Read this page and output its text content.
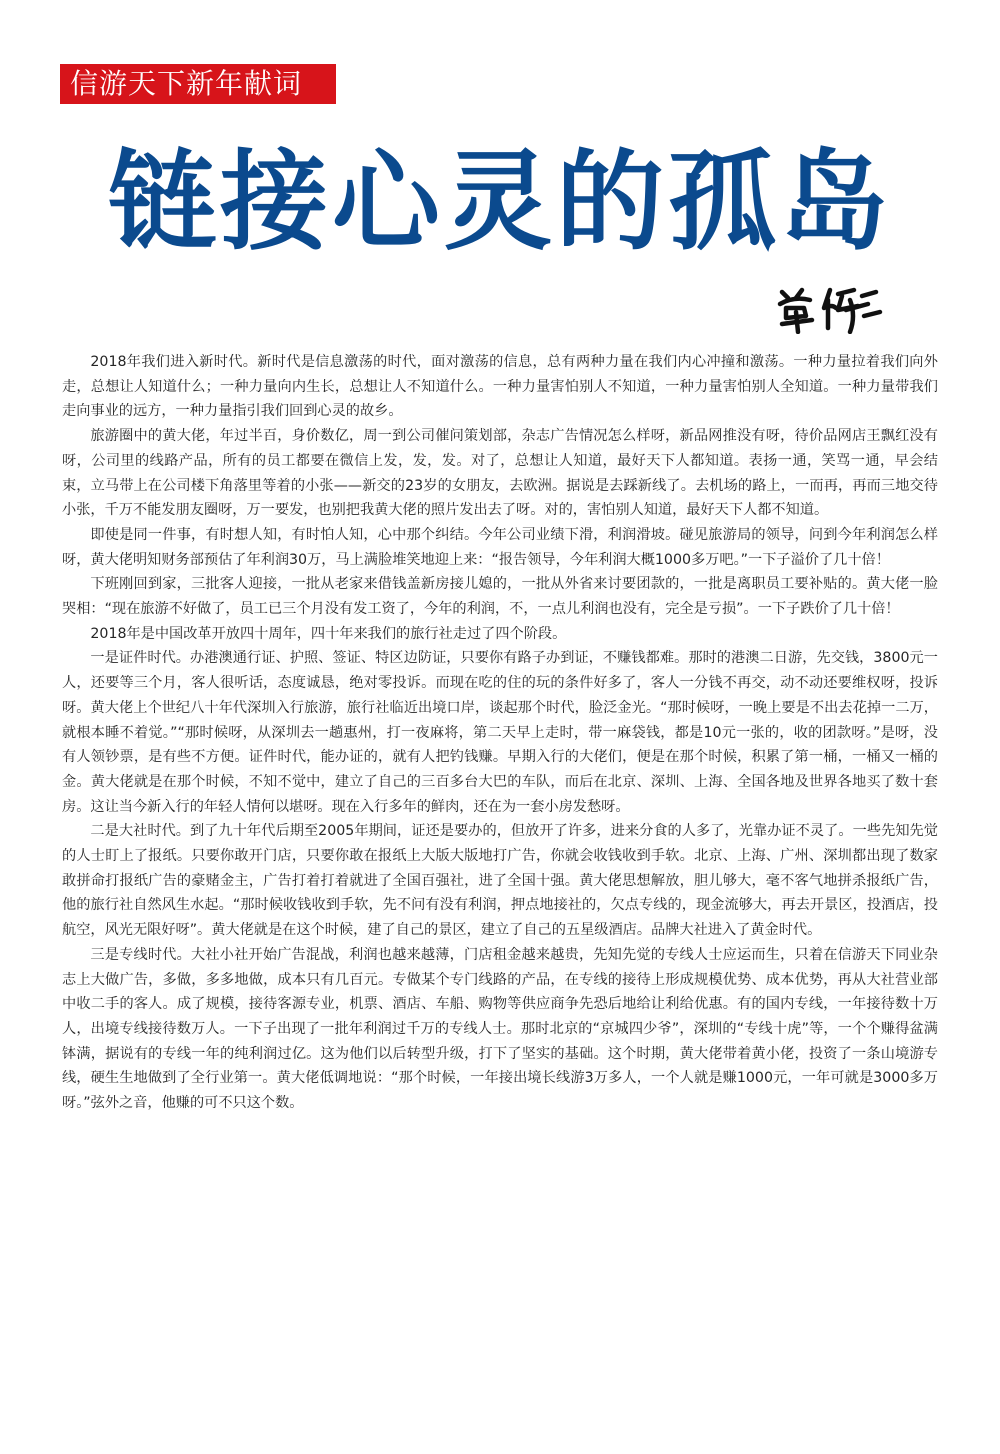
信游天下新年献词
链接心灵的孤岛

2018年我们进入新时代。新时代是信息激荡的时代，面对激荡的信息，总有两种力量在我们内心冲撞和激荡。一种力量拉着我们向外走，总想让人知道什么；一种力量向内生长，总想让人不知道什么。一种力量害怕别人不知道，一种力量害怕别人全知道。一种力量带我们走向事业的远方，一种力量指引我们回到心灵的故乡。

旅游圈中的黄大佬，年过半百，身价数亿，周一到公司催问策划部，杂志广告情况怎么样呀，新品网推没有呀，待价品网店王飘红没有呀，公司里的线路产品，所有的员工都要在微信上发，发，发。对了，总想让人知道，最好天下人都知道。表扬一通，笑骂一通，早会结束，立马带上在公司楼下角落里等着的小张——新交的23岁的女朋友，去欧洲。据说是去踩新线了。去机场的路上，一而再，再而三地交待小张，千万不能发朋友圈呀，万一要发，也别把我黄大佬的照片发出去了呀。对的，害怕别人知道，最好天下人都不知道。

即使是同一件事，有时想人知，有时怕人知，心中那个纠结。今年公司业绩下滑，利润滑坡。碰见旅游局的领导，问到今年利润怎么样呀，黄大佬明知财务部预估了年利润30万，马上满脸堆笑地迎上来：“报告领导，今年利润大概1000多万吧。”一下子溢价了几十倍！

下班刚回到家，三批客人迎接，一批从老家来借钱盖新房接儿媳的，一批从外省来讨要团款的，一批是离职员工要补贴的。黄大佬一脸哭相：“现在旅游不好做了，员工已三个月没有发工资了，今年的利润，不，一点儿利润也没有，完全是亏损”。一下子跌价了几十倍！

2018年是中国改革开放四十周年，四十年来我们的旅行社走过了四个阶段。

一是证件时代。办港澳通行证、护照、签证、特区边防证，只要你有路子办到证，不赚钱都难。那时的港澳二日游，先交钱，3800元一人，还要等三个月，客人很听话，态度诚恳，绝对零投诉。而现在吃的住的玩的条件好多了，客人一分钱不再交，动不动还要维权呀，投诉呀。黄大佬上个世纪八十年代深圳入行旅游，旅行社临近出境口岸，谈起那个时代，脸泛金光。“那时候呀，一晚上要是不出去花掉一二万，就根本睡不着觉。”“那时候呀，从深圳去一趟惠州，打一夜麻将，第二天早上走时，带一麻袋钱，都是10元一张的，收的团款呀。”是呀，没有人领钞票，是有些不方便。证件时代，能办证的，就有人把钓钱赚。早期入行的大佬们，便是在那个时候，积累了第一桶，一桶又一桶的金。黄大佬就是在那个时候，不知不觉中，建立了自己的三百多台大巴的车队，而后在北京、深圳、上海、全国各地及世界各地买了数十套房。这让当今新入行的年轻人情何以堪呀。现在入行多年的鲜肉，还在为一套小房发愁呀。

二是大社时代。到了九十年代后期至2005年期间，证还是要办的，但放开了许多，进来分食的人多了，光靠办证不灵了。一些先知先觉的人士盯上了报纸。只要你敢开门店，只要你敢在报纸上大版大版地打广告，你就会收钱收到手软。北京、上海、广州、深圳都出现了数家敢拼命打报纸广告的豪赌金主，广告打着打着就进了全国百强社，进了全国十强。黄大佬思想解放，胆儿够大，毫不客气地拼杀报纸广告，他的旅行社自然风生水起。“那时候收钱收到手软，先不问有没有利润，押点地接社的，欠点专线的，现金流够大，再去开景区，投酒店，投航空，风光无限好呀”。黄大佬就是在这个时候，建了自己的景区，建立了自己的五星级酒店。品牌大社进入了黄金时代。

三是专线时代。大社小社开始广告混战，利润也越来越薄，门店租金越来越贵，先知先觉的专线人士应运而生，只着在信游天下同业杂志上大做广告，多做，多多地做，成本只有几百元。专做某个专门线路的产品，在专线的接待上形成规模优势、成本优势，再从大社营业部中收二手的客人。成了规模，接待客源专业，机票、酒店、车船、购物等供应商争先恐后地给让利给优惠。有的国内专线，一年接待数十万人，出境专线接待数万人。一下子出现了一批年利润过千万的专线人士。那时北京的“京城四少爷”，深圳的“专线十虎”等，一个个赚得盆满钵满，据说有的专线一年的纯利润过亿。这为他们以后转型升级，打下了坚实的基础。这个时期，黄大佬带着黄小佬，投资了一条山境游专线，硬生生地做到了全行业第一。黄大佬低调地说：“那个时候，一年接出境长线游3万多人，一个人就是赚1000元，一年可就是3000多万呀。”弦外之音，他赚的可不只这个数。
